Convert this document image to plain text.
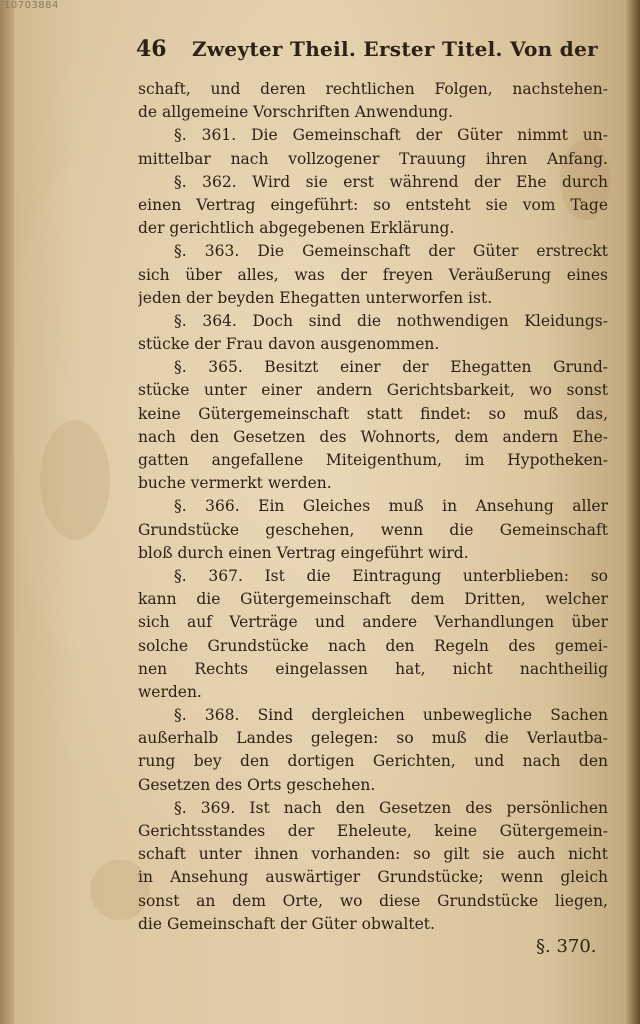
10703884
46 Zweyter Theil. Erster Titel. Von der
schaft, und deren rechtlichen Folgen, nachstehen-
de allgemeine Vorschriften Anwendung.
§. 361. Die Gemeinschaft der Güter nimmt un-
mittelbar nach vollzogener Trauung ihren Anfang.
§. 362. Wird sie erst während der Ehe durch
einen Vertrag eingeführt: so entsteht sie vom Tage
der gerichtlich abgegebenen Erklärung.
§. 363. Die Gemeinschaft der Güter erstreckt
sich über alles, was der freyen Veräußerung eines
jeden der beyden Ehegatten unterworfen ist.
§. 364. Doch sind die nothwendigen Kleidungs-
stücke der Frau davon ausgenommen.
§. 365. Besitzt einer der Ehegatten Grund-
stücke unter einer andern Gerichtsbarkeit, wo sonst
keine Gütergemeinschaft statt findet: so muß das,
nach den Gesetzen des Wohnorts, dem andern Ehe-
gatten angefallene Miteigenthum, im Hypotheken-
buche vermerkt werden.
§. 366. Ein Gleiches muß in Ansehung aller
Grundstücke geschehen, wenn die Gemeinschaft
bloß durch einen Vertrag eingeführt wird.
§. 367. Ist die Eintragung unterblieben: so
kann die Gütergemeinschaft dem Dritten, welcher
sich auf Verträge und andere Verhandlungen über
solche Grundstücke nach den Regeln des gemei-
nen Rechts eingelassen hat, nicht nachtheilig
werden.
§. 368. Sind dergleichen unbewegliche Sachen
außerhalb Landes gelegen: so muß die Verlautba-
rung bey den dortigen Gerichten, und nach den
Gesetzen des Orts geschehen.
§. 369. Ist nach den Gesetzen des persönlichen
Gerichtsstandes der Eheleute, keine Gütergemein-
schaft unter ihnen vorhanden: so gilt sie auch nicht
in Ansehung auswärtiger Grundstücke; wenn gleich
sonst an dem Orte, wo diese Grundstücke liegen,
die Gemeinschaft der Güter obwaltet.
§. 370.
